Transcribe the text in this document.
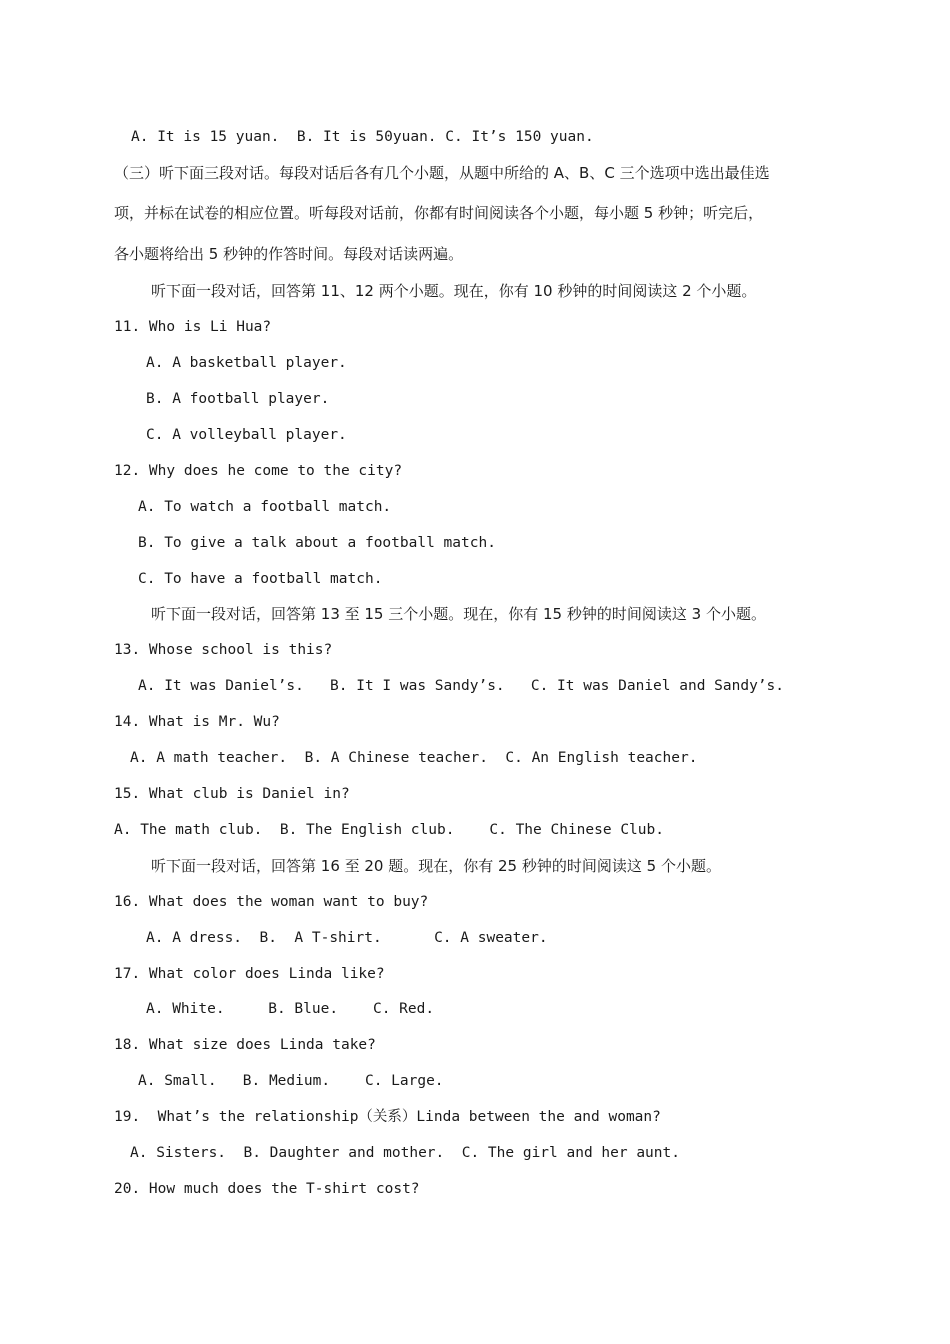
A. It is 15 yuan.  B. It is 50yuan. C. It’s 150 yuan.
（三）听下面三段对话。每段对话后各有几个小题，从题中所给的 A、B、C 三个选项中选出最佳选
项，并标在试卷的相应位置。听每段对话前，你都有时间阅读各个小题，每小题 5 秒钟；听完后，
各小题将给出 5 秒钟的作答时间。每段对话读两遍。
听下面一段对话，回答第 11、12 两个小题。现在，你有 10 秒钟的时间阅读这 2 个小题。
11. Who is Li Hua?
A. A basketball player.
B. A football player.
C. A volleyball player.
12. Why does he come to the city?
A. To watch a football match.
B. To give a talk about a football match.
C. To have a football match.
听下面一段对话，回答第 13 至 15 三个小题。现在，你有 15 秒钟的时间阅读这 3 个小题。
13. Whose school is this?
A. It was Daniel’s.   B. It I was Sandy’s.   C. It was Daniel and Sandy’s.
14. What is Mr. Wu?
A. A math teacher.  B. A Chinese teacher.  C. An English teacher.
15. What club is Daniel in?
A. The math club.  B. The English club.    C. The Chinese Club.
听下面一段对话，回答第 16 至 20 题。现在，你有 25 秒钟的时间阅读这 5 个小题。
16. What does the woman want to buy?
A. A dress.  B.  A T-shirt.      C. A sweater.
17. What color does Linda like?
A. White.     B. Blue.    C. Red.
18. What size does Linda take?
A. Small.   B. Medium.    C. Large.
19.  What’s the relationship（关系）Linda between the and woman?
A. Sisters.  B. Daughter and mother.  C. The girl and her aunt.
20. How much does the T-shirt cost?
